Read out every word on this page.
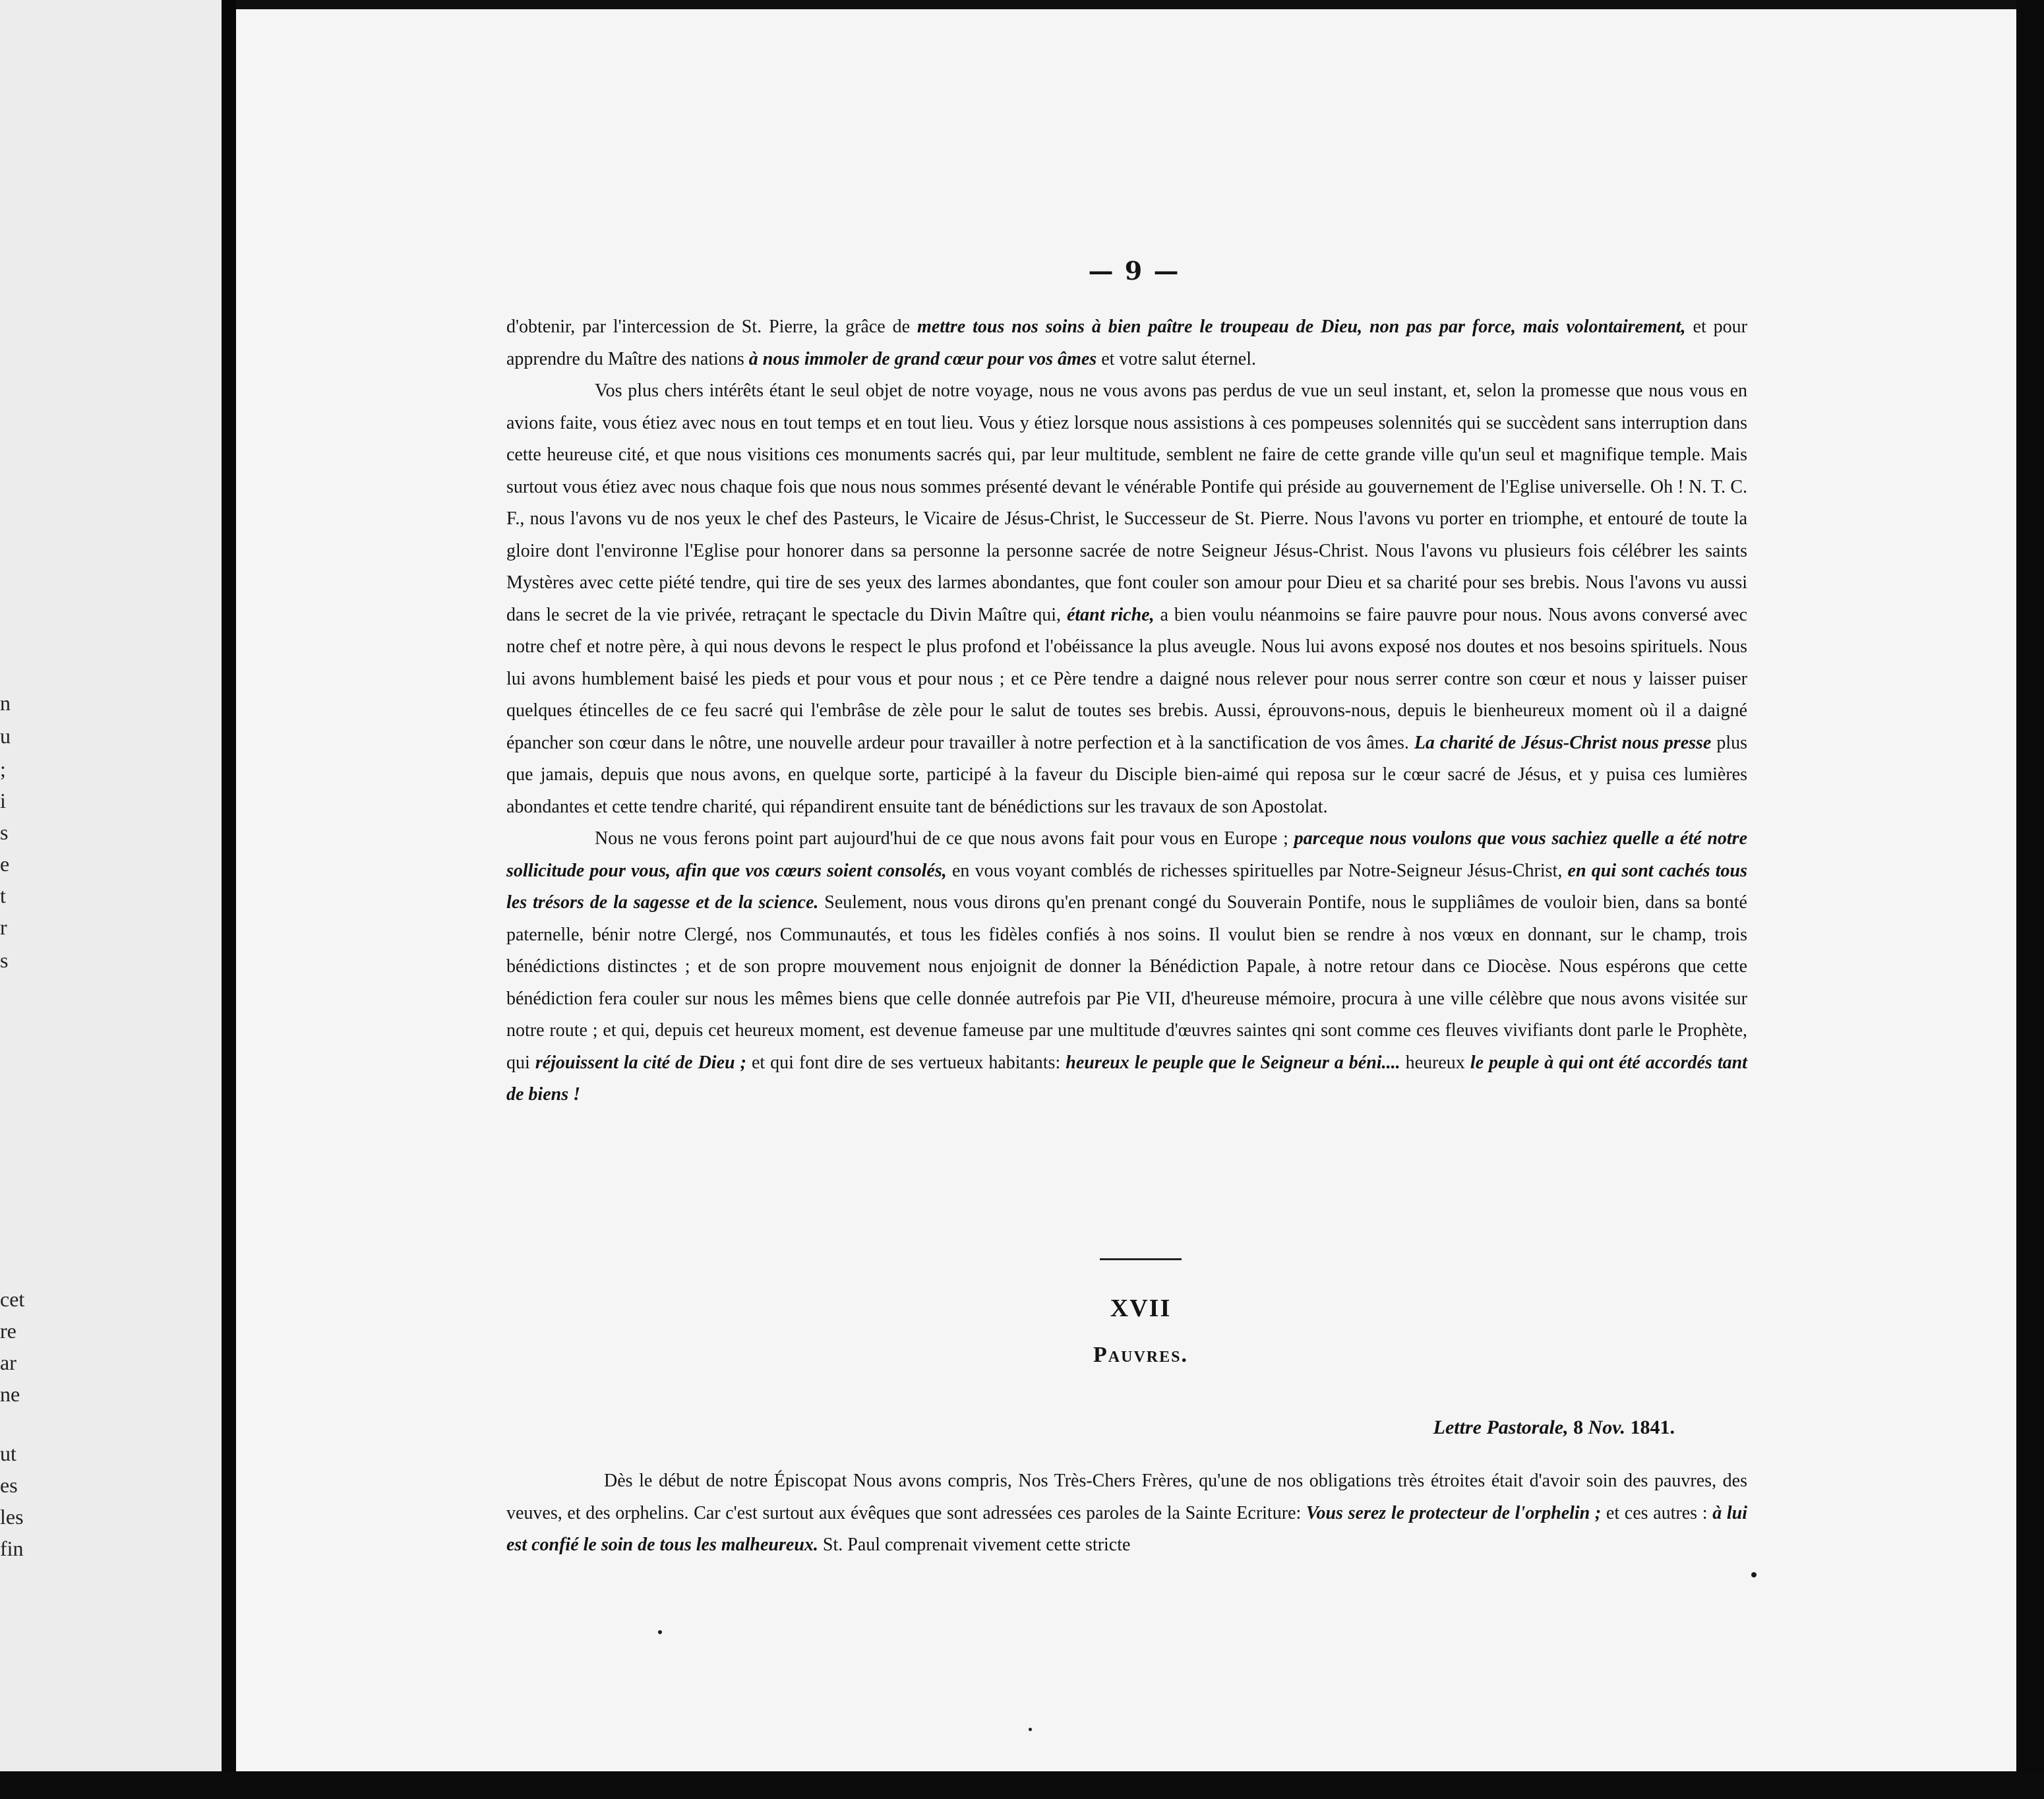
n
u
;
i
s
e
t
r
s
cet
re
ar
ne
ut
es
les
fin
— 9 —

d'obtenir, par l'intercession de St. Pierre, la grâce de mettre tous nos soins à bien paître le troupeau de Dieu, non pas par force, mais volontairement, et pour apprendre du Maître des nations à nous immoler de grand cœur pour vos âmes et votre salut éternel.

Vos plus chers intérêts étant le seul objet de notre voyage, nous ne vous avons pas perdus de vue un seul instant, et, selon la promesse que nous vous en avions faite, vous étiez avec nous en tout temps et en tout lieu. Vous y étiez lorsque nous assistions à ces pompeuses solennités qui se succèdent sans interruption dans cette heureuse cité, et que nous visitions ces monuments sacrés qui, par leur multitude, semblent ne faire de cette grande ville qu'un seul et magnifique temple. Mais surtout vous étiez avec nous chaque fois que nous nous sommes présenté devant le vénérable Pontife qui préside au gouvernement de l'Eglise universelle. Oh ! N. T. C. F., nous l'avons vu de nos yeux le chef des Pasteurs, le Vicaire de Jésus-Christ, le Successeur de St. Pierre. Nous l'avons vu porter en triomphe, et entouré de toute la gloire dont l'environne l'Eglise pour honorer dans sa personne la personne sacrée de notre Seigneur Jésus-Christ. Nous l'avons vu plusieurs fois célébrer les saints Mystères avec cette piété tendre, qui tire de ses yeux des larmes abondantes, que font couler son amour pour Dieu et sa charité pour ses brebis. Nous l'avons vu aussi dans le secret de la vie privée, retraçant le spectacle du Divin Maître qui, étant riche, a bien voulu néanmoins se faire pauvre pour nous. Nous avons conversé avec notre chef et notre père, à qui nous devons le respect le plus profond et l'obéissance la plus aveugle. Nous lui avons exposé nos doutes et nos besoins spirituels. Nous lui avons humblement baisé les pieds et pour vous et pour nous ; et ce Père tendre a daigné nous relever pour nous serrer contre son cœur et nous y laisser puiser quelques étincelles de ce feu sacré qui l'embrâse de zèle pour le salut de toutes ses brebis. Aussi, éprouvons-nous, depuis le bienheureux moment où il a daigné épancher son cœur dans le nôtre, une nouvelle ardeur pour travailler à notre perfection et à la sanctification de vos âmes. La charité de Jésus-Christ nous presse plus que jamais, depuis que nous avons, en quelque sorte, participé à la faveur du Disciple bien-aimé qui reposa sur le cœur sacré de Jésus, et y puisa ces lumières abondantes et cette tendre charité, qui répandirent ensuite tant de bénédictions sur les travaux de son Apostolat.

Nous ne vous ferons point part aujourd'hui de ce que nous avons fait pour vous en Europe ; parceque nous voulons que vous sachiez quelle a été notre sollicitude pour vous, afin que vos cœurs soient consolés, en vous voyant comblés de richesses spirituelles par Notre-Seigneur Jésus-Christ, en qui sont cachés tous les trésors de la sagesse et de la science. Seulement, nous vous dirons qu'en prenant congé du Souverain Pontife, nous le suppliâmes de vouloir bien, dans sa bonté paternelle, bénir notre Clergé, nos Communautés, et tous les fidèles confiés à nos soins. Il voulut bien se rendre à nos vœux en donnant, sur le champ, trois bénédictions distinctes ; et de son propre mouvement nous enjoignit de donner la Bénédiction Papale, à notre retour dans ce Diocèse. Nous espérons que cette bénédiction fera couler sur nous les mêmes biens que celle donnée autrefois par Pie VII, d'heureuse mémoire, procura à une ville célèbre que nous avons visitée sur notre route ; et qui, depuis cet heureux moment, est devenue fameuse par une multitude d'œuvres saintes qni sont comme ces fleuves vivifiants dont parle le Prophète, qui réjouissent la cité de Dieu ; et qui font dire de ses vertueux habitants: heureux le peuple que le Seigneur a béni.... heureux le peuple à qui ont été accordés tant de biens !

XVII
Pauvres.
Lettre Pastorale, 8 Nov. 1841.

Dès le début de notre Épiscopat Nous avons compris, Nos Très-Chers Frères, qu'une de nos obligations très étroites était d'avoir soin des pauvres, des veuves, et des orphelins. Car c'est surtout aux évêques que sont adressées ces paroles de la Sainte Ecriture: Vous serez le protecteur de l'orphelin ; et ces autres : à lui est confié le soin de tous les malheureux. St. Paul comprenait vivement cette stricte
